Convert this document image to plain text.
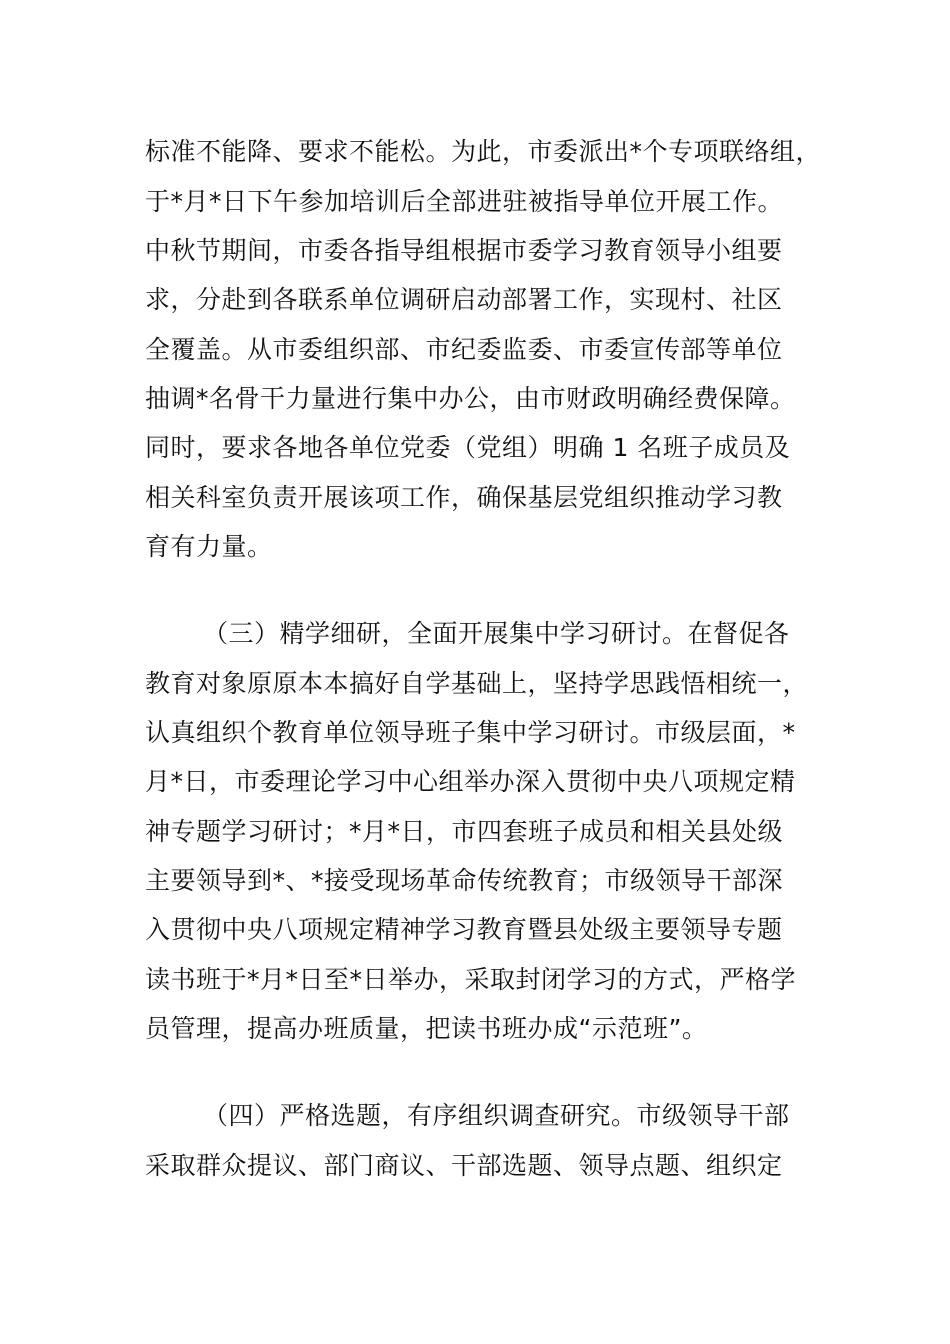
标准不能降、要求不能松。为此，市委派出*个专项联络组，
于*月*日下午参加培训后全部进驻被指导单位开展工作。
中秋节期间，市委各指导组根据市委学习教育领导小组要
求，分赴到各联系单位调研启动部署工作，实现村、社区
全覆盖。从市委组织部、市纪委监委、市委宣传部等单位
抽调*名骨干力量进行集中办公，由市财政明确经费保障。
同时，要求各地各单位党委（党组）明确 1 名班子成员及
相关科室负责开展该项工作，确保基层党组织推动学习教
育有力量。
（三）精学细研，全面开展集中学习研讨。在督促各
教育对象原原本本搞好自学基础上，坚持学思践悟相统一，
认真组织个教育单位领导班子集中学习研讨。市级层面，*
月*日，市委理论学习中心组举办深入贯彻中央八项规定精
神专题学习研讨；*月*日，市四套班子成员和相关县处级
主要领导到*、*接受现场革命传统教育；市级领导干部深
入贯彻中央八项规定精神学习教育暨县处级主要领导专题
读书班于*月*日至*日举办，采取封闭学习的方式，严格学
员管理，提高办班质量，把读书班办成“示范班”。
（四）严格选题，有序组织调查研究。市级领导干部
采取群众提议、部门商议、干部选题、领导点题、组织定
